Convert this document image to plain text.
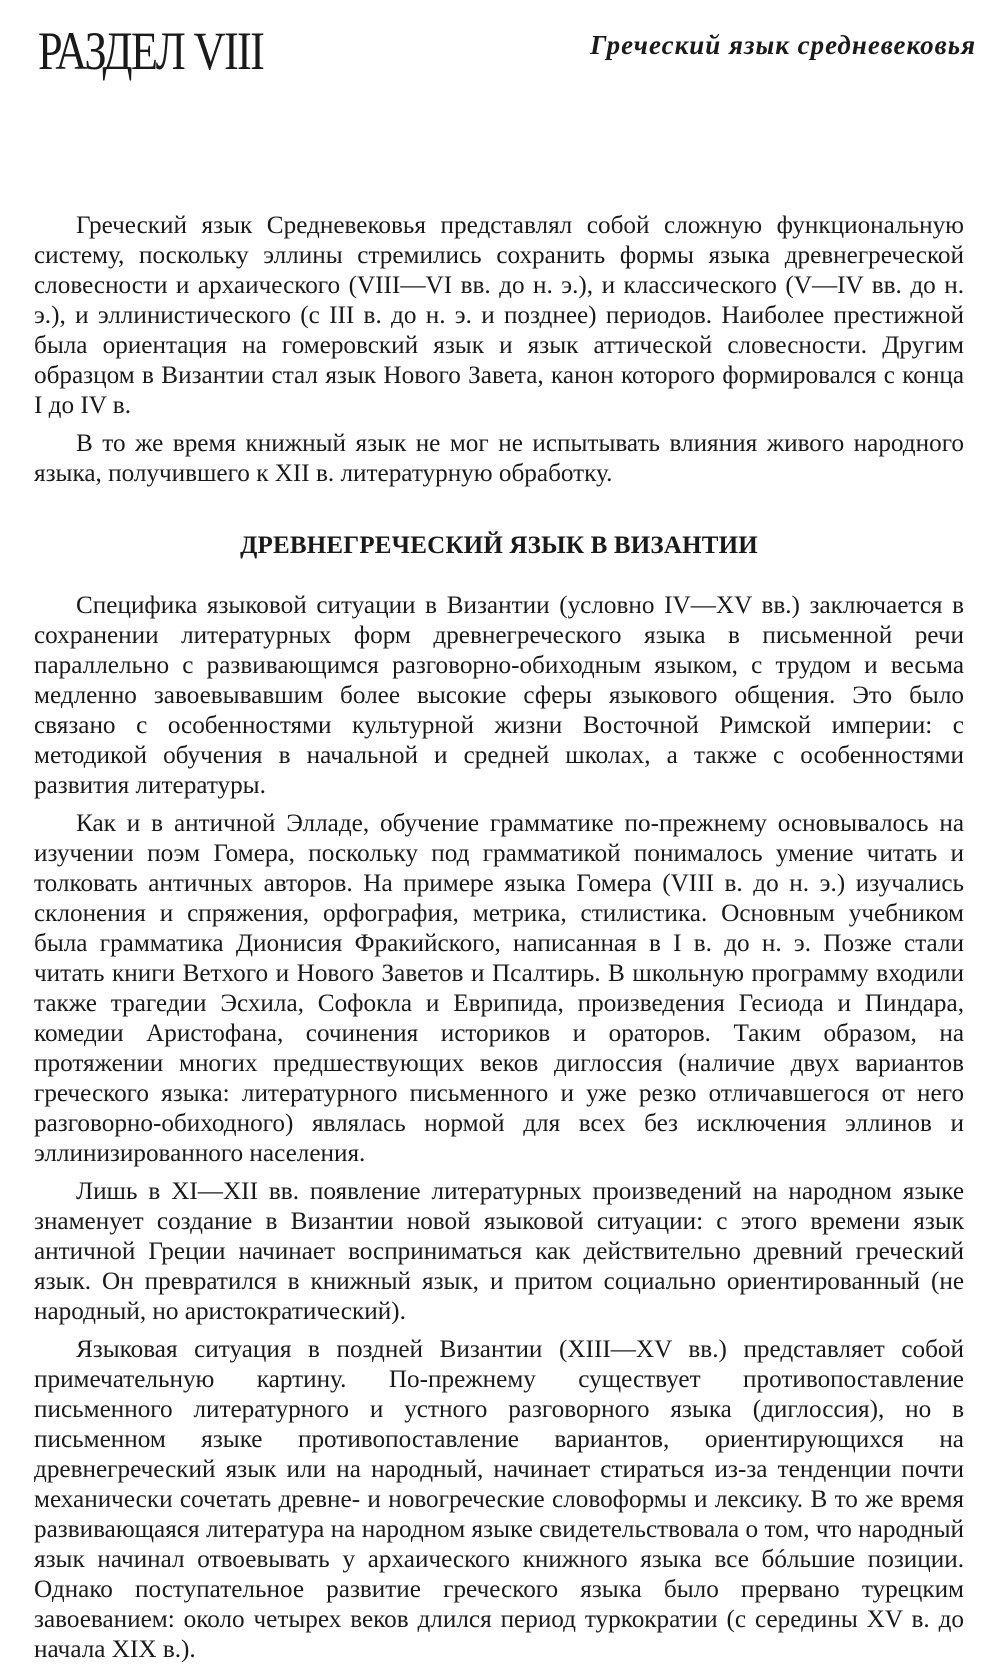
РАЗДЕЛ VIII	Греческий язык средневековья

Греческий язык Средневековья представлял собой сложную функциональную систему, поскольку эллины стремились сохранить формы языка древнегреческой словесности и архаического (VIII—VI вв. до н. э.), и классического (V—IV вв. до н. э.), и эллинистического (с III в. до н. э. и позднее) периодов. Наиболее престижной была ориентация на гомеровский язык и язык аттической словесности. Другим образцом в Византии стал язык Нового Завета, канон которого формировался с конца I до IV в.

В то же время книжный язык не мог не испытывать влияния живого народного языка, получившего к XII в. литературную обработку.

ДРЕВНЕГРЕЧЕСКИЙ ЯЗЫК В ВИЗАНТИИ

Специфика языковой ситуации в Византии (условно IV—XV вв.) заключается в сохранении литературных форм древнегреческого языка в письменной речи параллельно с развивающимся разговорно-обиходным языком, с трудом и весьма медленно завоевывавшим более высокие сферы языкового общения. Это было связано с особенностями культурной жизни Восточной Римской империи: с методикой обучения в начальной и средней школах, а также с особенностями развития литературы.

Как и в античной Элладе, обучение грамматике по-прежнему основывалось на изучении поэм Гомера, поскольку под грамматикой понималось умение читать и толковать античных авторов. На примере языка Гомера (VIII в. до н. э.) изучались склонения и спряжения, орфография, метрика, стилистика. Основным учебником была грамматика Дионисия Фракийского, написанная в I в. до н. э. Позже стали читать книги Ветхого и Нового Заветов и Псалтирь. В школьную программу входили также трагедии Эсхила, Софокла и Еврипида, произведения Гесиода и Пиндара, комедии Аристофана, сочинения историков и ораторов. Таким образом, на протяжении многих предшествующих веков диглоссия (наличие двух вариантов греческого языка: литературного письменного и уже резко отличавшегося от него разговорно-обиходного) являлась нормой для всех без исключения эллинов и эллинизированного населения.

Лишь в XI—XII вв. появление литературных произведений на народном языке знаменует создание в Византии новой языковой ситуации: с этого времени язык античной Греции начинает восприниматься как действительно древний греческий язык. Он превратился в книжный язык, и притом социально ориентированный (не народный, но аристократический).

Языковая ситуация в поздней Византии (XIII—XV вв.) представляет собой примечательную картину. По-прежнему существует противопоставление письменного литературного и устного разговорного языка (диглоссия), но в письменном языке противопоставление вариантов, ориентирующихся на древнегреческий язык или на народный, начинает стираться из-за тенденции почти механически сочетать древне- и новогреческие словоформы и лексику. В то же время развивающаяся литература на народном языке свидетельствовала о том, что народный язык начинал отвоевывать у архаического книжного языка все бóльшие позиции. Однако поступательное развитие греческого языка было прервано турецким завоеванием: около четырех веков длился период туркократии (с середины XV в. до начала XIX в.).
